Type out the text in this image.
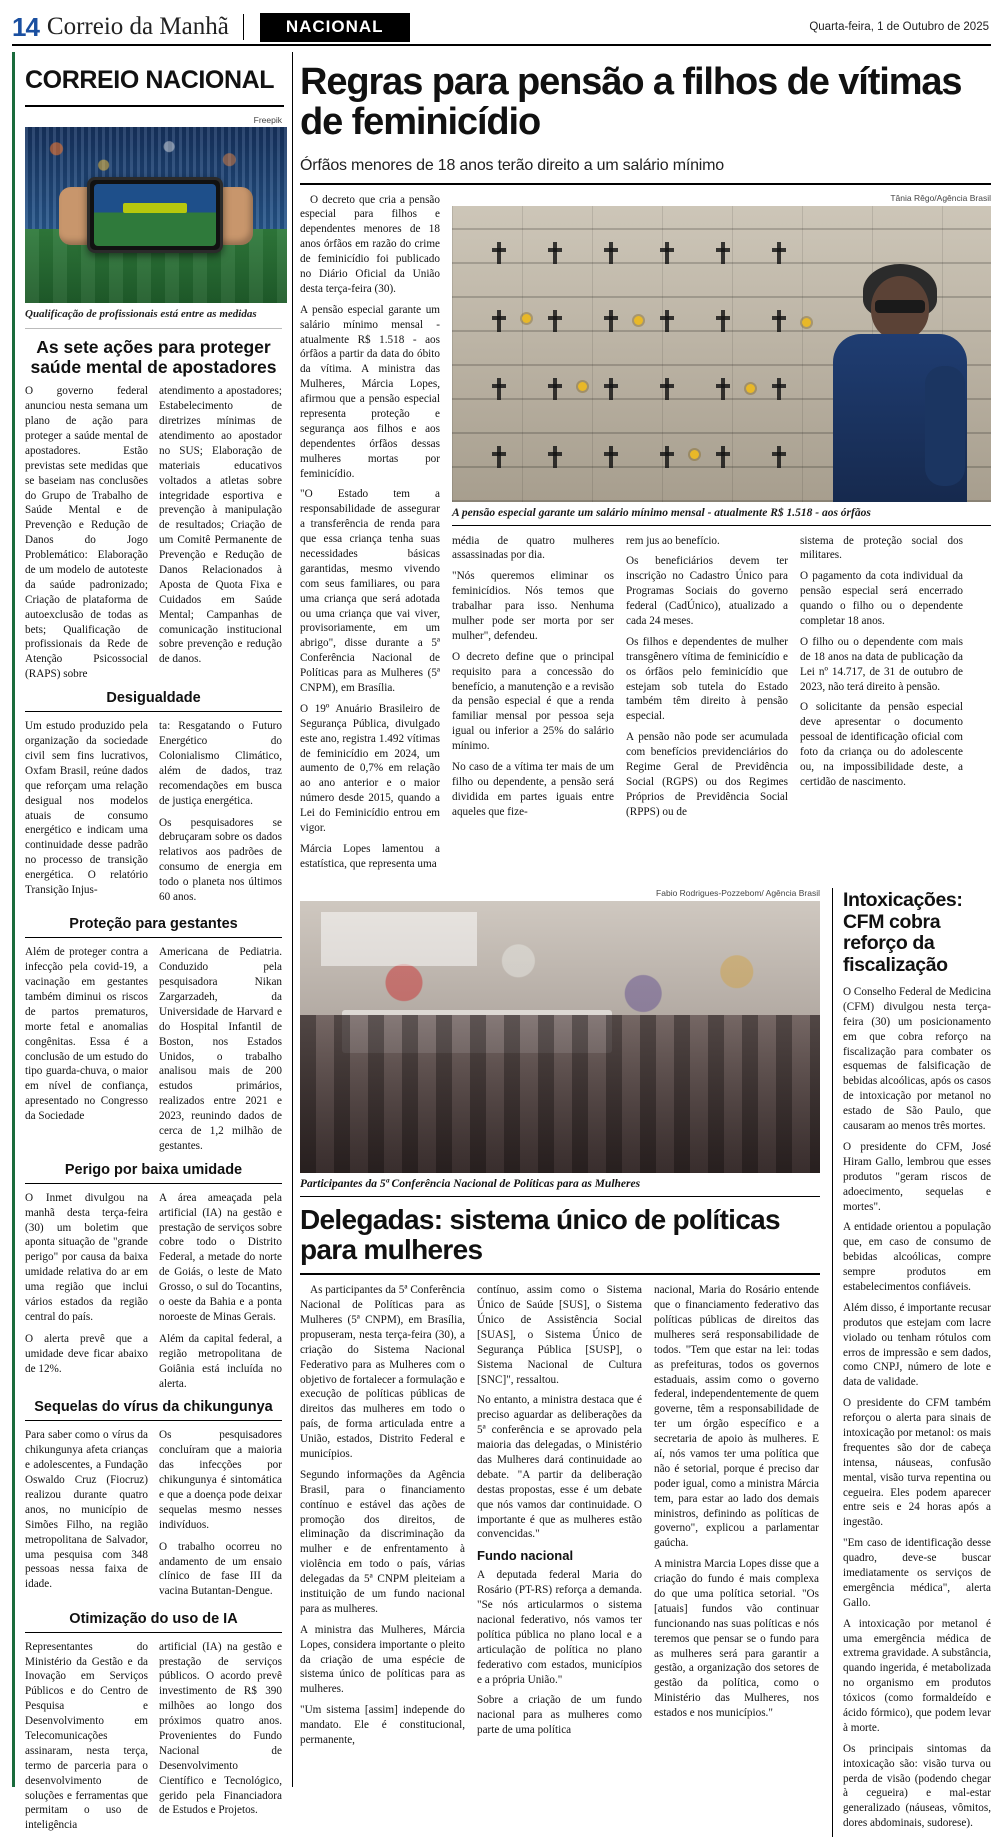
14 Correio da Manhã	NACIONAL	Quarta-feira, 1 de Outubro de 2025
CORREIO NACIONAL
Freepik
Qualificação de profissionais está entre as medidas
As sete ações para proteger saúde mental de apostadores

O governo federal anunciou nesta semana um plano de ação para proteger a saúde mental de apostadores. Estão previstas sete medidas que se baseiam nas conclusões do Grupo de Trabalho de Saúde Mental e de Prevenção e Redução de Danos do Jogo Problemático: Elaboração de um modelo de autoteste da saúde padronizado; Criação de plataforma de autoexclusão de todas as bets; Qualificação de profissionais da Rede de Atenção Psicossocial (RAPS) sobre

atendimento a apostadores; Estabelecimento de diretrizes mínimas de atendimento ao apostador no SUS; Elaboração de materiais educativos voltados a atletas sobre integridade esportiva e prevenção à manipulação de resultados; Criação de um Comitê Permanente de Prevenção e Redução de Danos Relacionados à Aposta de Quota Fixa e Cuidados em Saúde Mental; Campanhas de comunicação institucional sobre prevenção e redução de danos.

Desigualdade

Um estudo produzido pela organização da sociedade civil sem fins lucrativos, Oxfam Brasil, reúne dados que reforçam uma relação desigual nos modelos atuais de consumo energético e indicam uma continuidade desse padrão no processo de transição energética. O relatório Transição Injus-

ta: Resgatando o Futuro Energético do Colonialismo Climático, além de dados, traz recomendações em busca de justiça energética.

Os pesquisadores se debruçaram sobre os dados relativos aos padrões de consumo de energia em todo o planeta nos últimos 60 anos.

Proteção para gestantes

Além de proteger contra a infecção pela covid-19, a vacinação em gestantes também diminui os riscos de partos prematuros, morte fetal e anomalias congênitas. Essa é a conclusão de um estudo do tipo guarda-chuva, o maior em nível de confiança, apresentado no Congresso da Sociedade

Americana de Pediatria. Conduzido pela pesquisadora Nikan Zargarzadeh, da Universidade de Harvard e do Hospital Infantil de Boston, nos Estados Unidos, o trabalho analisou mais de 200 estudos primários, realizados entre 2021 e 2023, reunindo dados de cerca de 1,2 milhão de gestantes.

Perigo por baixa umidade

O Inmet divulgou na manhã desta terça-feira (30) um boletim que aponta situação de "grande perigo" por causa da baixa umidade relativa do ar em uma região que inclui vários estados da região central do país.

O alerta prevê que a umidade deve ficar abaixo de 12%.

A área ameaçada pela artificial (IA) na gestão e prestação de serviços sobre cobre todo o Distrito Federal, a metade do norte de Goiás, o leste de Mato Grosso, o sul do Tocantins, o oeste da Bahia e a ponta noroeste de Minas Gerais.

Além da capital federal, a região metropolitana de Goiânia está incluída no alerta.

Sequelas do vírus da chikungunya

Para saber como o vírus da chikungunya afeta crianças e adolescentes, a Fundação Oswaldo Cruz (Fiocruz) realizou durante quatro anos, no município de Simões Filho, na região metropolitana de Salvador, uma pesquisa com 348 pessoas nessa faixa de idade.

Os pesquisadores concluíram que a maioria das infecções por chikungunya é sintomática e que a doença pode deixar sequelas mesmo nesses indivíduos.

O trabalho ocorreu no andamento de um ensaio clínico de fase III da vacina Butantan-Dengue.

Otimização do uso de IA

Representantes do Ministério da Gestão e da Inovação em Serviços Públicos e do Centro de Pesquisa e Desenvolvimento em Telecomunicações assinaram, nesta terça, termo de parceria para o desenvolvimento de soluções e ferramentas que permitam o uso de inteligência

artificial (IA) na gestão e prestação de serviços públicos. O acordo prevê investimento de R$ 390 milhões ao longo dos próximos quatro anos. Provenientes do Fundo Nacional de Desenvolvimento Científico e Tecnológico, gerido pela Financiadora de Estudos e Projetos.

Regras para pensão a filhos de vítimas de feminicídio
Órfãos menores de 18 anos terão direito a um salário mínimo

O decreto que cria a pensão especial para filhos e dependentes menores de 18 anos órfãos em razão do crime de feminicídio foi publicado no Diário Oficial da União desta terça-feira (30).

A pensão especial garante um salário mínimo mensal - atualmente R$ 1.518 - aos órfãos a partir da data do óbito da vítima. A ministra das Mulheres, Márcia Lopes, afirmou que a pensão especial representa proteção e segurança aos filhos e aos dependentes órfãos dessas mulheres mortas por feminicídio.

"O Estado tem a responsabilidade de assegurar a transferência de renda para que essa criança tenha suas necessidades básicas garantidas, mesmo vivendo com seus familiares, ou para uma criança que será adotada ou uma criança que vai viver, provisoriamente, em um abrigo", disse durante a 5ª Conferência Nacional de Políticas para as Mulheres (5ª CNPM), em Brasília.

O 19º Anuário Brasileiro de Segurança Pública, divulgado este ano, registra 1.492 vítimas de feminicídio em 2024, um aumento de 0,7% em relação ao ano anterior e o maior número desde 2015, quando a Lei do Feminicídio entrou em vigor.

Márcia Lopes lamentou a estatística, que representa uma

Tânia Rêgo/Agência Brasil
A pensão especial garante um salário mínimo mensal - atualmente R$ 1.518 - aos órfãos

média de quatro mulheres assassinadas por dia.

"Nós queremos eliminar os feminicídios. Nós temos que trabalhar para isso. Nenhuma mulher pode ser morta por ser mulher", defendeu.

O decreto define que o principal requisito para a concessão do benefício, a manutenção e a revisão da pensão especial é que a renda familiar mensal por pessoa seja igual ou inferior a 25% do salário mínimo.

No caso de a vítima ter mais de um filho ou dependente, a pensão será dividida em partes iguais entre aqueles que fize-

rem jus ao benefício.

Os beneficiários devem ter inscrição no Cadastro Único para Programas Sociais do governo federal (CadÚnico), atualizado a cada 24 meses.

Os filhos e dependentes de mulher transgênero vítima de feminicídio e os órfãos pelo feminicídio que estejam sob tutela do Estado também têm direito à pensão especial.

A pensão não pode ser acumulada com benefícios previdenciários do Regime Geral de Previdência Social (RGPS) ou dos Regimes Próprios de Previdência Social (RPPS) ou de

sistema de proteção social dos militares.

O pagamento da cota individual da pensão especial será encerrado quando o filho ou o dependente completar 18 anos.

O filho ou o dependente com mais de 18 anos na data de publicação da Lei nº 14.717, de 31 de outubro de 2023, não terá direito à pensão.

O solicitante da pensão especial deve apresentar o documento pessoal de identificação oficial com foto da criança ou do adolescente ou, na impossibilidade deste, a certidão de nascimento.

Fabio Rodrigues-Pozzebom/ Agência Brasil
Participantes da 5ª Conferência Nacional de Políticas para as Mulheres
Delegadas: sistema único de políticas para mulheres

As participantes da 5ª Conferência Nacional de Políticas para as Mulheres (5ª CNPM), em Brasília, propuseram, nesta terça-feira (30), a criação do Sistema Nacional Federativo para as Mulheres com o objetivo de fortalecer a formulação e execução de políticas públicas de direitos das mulheres em todo o país, de forma articulada entre a União, estados, Distrito Federal e municípios.

Segundo informações da Agência Brasil, para o financiamento contínuo e estável das ações de promoção dos direitos, de eliminação da discriminação da mulher e de enfrentamento à violência em todo o país, várias delegadas da 5ª CNPM pleiteiam a instituição de um fundo nacional para as mulheres.

A ministra das Mulheres, Márcia Lopes, considera importante o pleito da criação de uma espécie de sistema único de políticas para as mulheres.

"Um sistema [assim] independe do mandato. Ele é constitucional, permanente,

contínuo, assim como o Sistema Único de Saúde [SUS], o Sistema Único de Assistência Social [SUAS], o Sistema Único de Segurança Pública [SUSP], o Sistema Nacional de Cultura [SNC]", ressaltou.

No entanto, a ministra destaca que é preciso aguardar as deliberações da 5ª conferência e se aprovado pela maioria das delegadas, o Ministério das Mulheres dará continuidade ao debate. "A partir da deliberação destas propostas, esse é um debate que nós vamos dar continuidade. O importante é que as mulheres estão convencidas."

Fundo nacional

A deputada federal Maria do Rosário (PT-RS) reforça a demanda. "Se nós articularmos o sistema nacional federativo, nós vamos ter política pública no plano local e a articulação de política no plano federativo com estados, municípios e a própria União."

Sobre a criação de um fundo nacional para as mulheres como parte de uma política

nacional, Maria do Rosário entende que o financiamento federativo das políticas públicas de direitos das mulheres será responsabilidade de todos. "Tem que estar na lei: todas as prefeituras, todos os governos estaduais, assim como o governo federal, independentemente de quem governe, têm a responsabilidade de ter um órgão específico e a secretaria de apoio às mulheres. E aí, nós vamos ter uma política que não é setorial, porque é preciso dar poder igual, como a ministra Márcia tem, para estar ao lado dos demais ministros, definindo as políticas de governo", explicou a parlamentar gaúcha.

A ministra Marcia Lopes disse que a criação do fundo é mais complexa do que uma política setorial. "Os [atuais] fundos vão continuar funcionando nas suas políticas e nós teremos que pensar se o fundo para as mulheres será para garantir a gestão, a organização dos setores de gestão da política, como o Ministério das Mulheres, nos estados e nos municípios."

Intoxicações: CFM cobra reforço da fiscalização

O Conselho Federal de Medicina (CFM) divulgou nesta terça-feira (30) um posicionamento em que cobra reforço na fiscalização para combater os esquemas de falsificação de bebidas alcoólicas, após os casos de intoxicação por metanol no estado de São Paulo, que causaram ao menos três mortes.

O presidente do CFM, José Hiram Gallo, lembrou que esses produtos "geram riscos de adoecimento, sequelas e mortes".

A entidade orientou a população que, em caso de consumo de bebidas alcoólicas, compre sempre produtos em estabelecimentos confiáveis.

Além disso, é importante recusar produtos que estejam com lacre violado ou tenham rótulos com erros de impressão e sem dados, como CNPJ, número de lote e data de validade.

O presidente do CFM também reforçou o alerta para sinais de intoxicação por metanol: os mais frequentes são dor de cabeça intensa, náuseas, confusão mental, visão turva repentina ou cegueira. Eles podem aparecer entre seis e 24 horas após a ingestão.

"Em caso de identificação desse quadro, deve-se buscar imediatamente os serviços de emergência médica", alerta Gallo.

A intoxicação por metanol é uma emergência médica de extrema gravidade. A substância, quando ingerida, é metabolizada no organismo em produtos tóxicos (como formaldeído e ácido fórmico), que podem levar à morte.

Os principais sintomas da intoxicação são: visão turva ou perda de visão (podendo chegar à cegueira) e mal-estar generalizado (náuseas, vômitos, dores abdominais, sudorese).
